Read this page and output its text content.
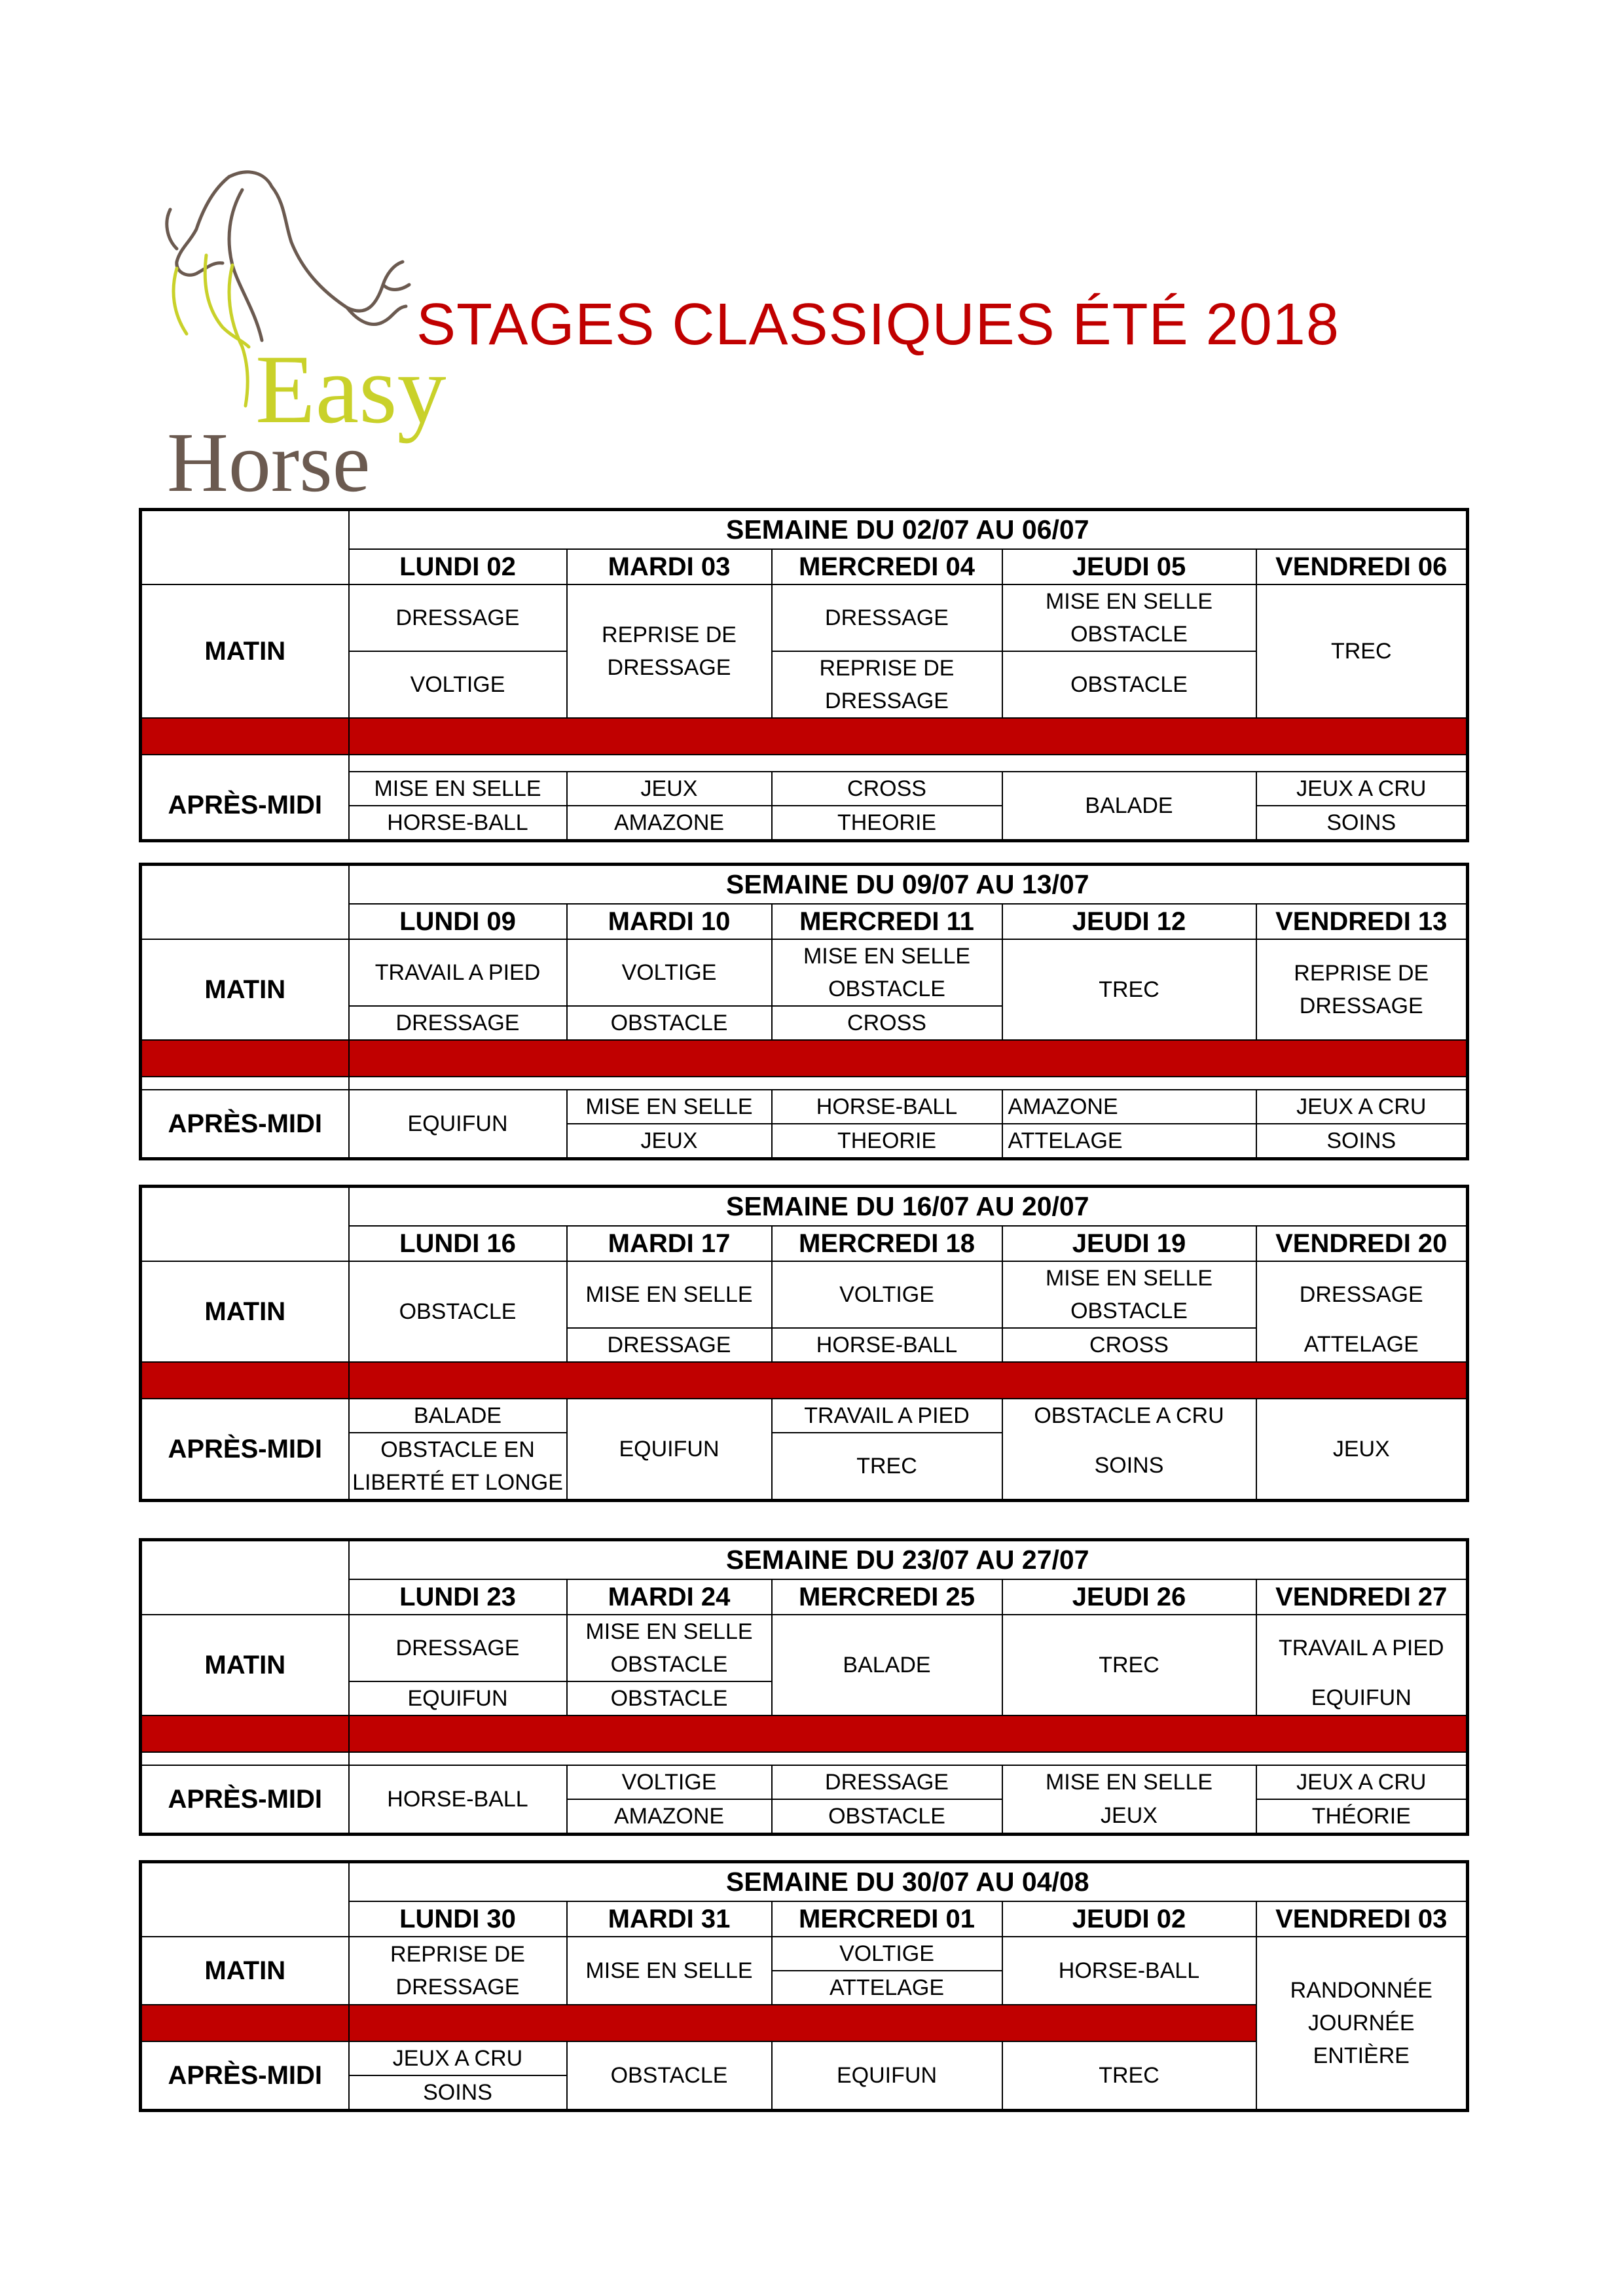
Easy
Horse
STAGES CLASSIQUES ÉTÉ 2018
	SEMAINE DU 02/07 AU 06/07				
	LUNDI 02	MARDI 03	MERCREDI 04	JEUDI 05	VENDREDI 06
MATIN	DRESSAGE	REPRISE DE DRESSAGE	DRESSAGE	MISE EN SELLE OBSTACLE	TREC
	VOLTIGE		REPRISE DE DRESSAGE	OBSTACLE	

APRÈS-MIDI	MISE EN SELLE	JEUX	CROSS	BALADE	JEUX A CRU
	HORSE-BALL	AMAZONE	THEORIE		SOINS
	SEMAINE DU 09/07 AU 13/07				
	LUNDI 09	MARDI 10	MERCREDI 11	JEUDI 12	VENDREDI 13
MATIN	TRAVAIL A PIED	VOLTIGE	MISE EN SELLE OBSTACLE	TREC	REPRISE DE DRESSAGE
	DRESSAGE	OBSTACLE	CROSS		

APRÈS-MIDI	EQUIFUN	MISE EN SELLE	HORSE-BALL	AMAZONE	JEUX A CRU
		JEUX	THEORIE	ATTELAGE	SOINS
	SEMAINE DU 16/07 AU 20/07				
	LUNDI 16	MARDI 17	MERCREDI 18	JEUDI 19	VENDREDI 20
MATIN	OBSTACLE	MISE EN SELLE	VOLTIGE	MISE EN SELLE OBSTACLE	DRESSAGE
		DRESSAGE	HORSE-BALL	CROSS	ATTELAGE

APRÈS-MIDI	BALADE	EQUIFUN	TRAVAIL A PIED	OBSTACLE A CRU	JEUX
	OBSTACLE EN LIBERTÉ ET LONGE		TREC	SOINS	
	SEMAINE DU 23/07 AU 27/07				
	LUNDI 23	MARDI 24	MERCREDI 25	JEUDI 26	VENDREDI 27
MATIN	DRESSAGE	MISE EN SELLE OBSTACLE	BALADE	TREC	TRAVAIL A PIED
	EQUIFUN	OBSTACLE			EQUIFUN

APRÈS-MIDI	HORSE-BALL	VOLTIGE	DRESSAGE	MISE EN SELLE	JEUX A CRU
		AMAZONE	OBSTACLE	JEUX	THÉORIE
	SEMAINE DU 30/07 AU 04/08				
	LUNDI 30	MARDI 31	MERCREDI 01	JEUDI 02	VENDREDI 03
MATIN	REPRISE DE DRESSAGE	MISE EN SELLE	VOLTIGE	HORSE-BALL	RANDONNÉE JOURNÉE ENTIÈRE
			ATTELAGE		

APRÈS-MIDI	JEUX A CRU	OBSTACLE	EQUIFUN	TREC	
	SOINS				
